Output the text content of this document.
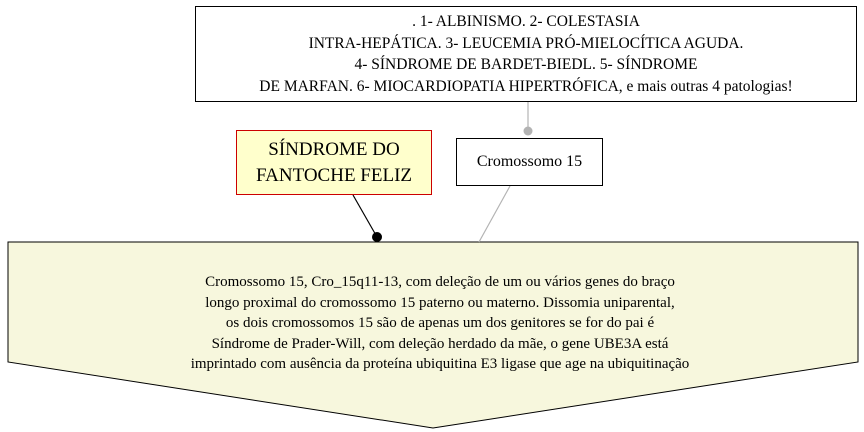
. 1- ALBINISMO. 2- COLESTASIA
INTRA-HEPÁTICA. 3- LEUCEMIA PRÓ-MIELOCÍTICA AGUDA.
4- SÍNDROME DE BARDET-BIEDL. 5- SÍNDROME
DE MARFAN. 6- MIOCARDIOPATIA HIPERTRÓFICA, e mais outras 4 patologias!
SÍNDROME DO
FANTOCHE FELIZ
Cromossomo 15
Cromossomo 15, Cro_15q11-13, com deleção de um ou vários genes do braço
longo proximal do cromossomo 15 paterno ou materno. Dissomia uniparental,
os dois cromossomos 15 são de apenas um dos genitores se for do pai é
Síndrome de Prader-Will, com deleção herdado da mãe, o gene UBE3A está
imprintado com ausência da proteína ubiquitina E3 ligase que age na ubiquitinação
